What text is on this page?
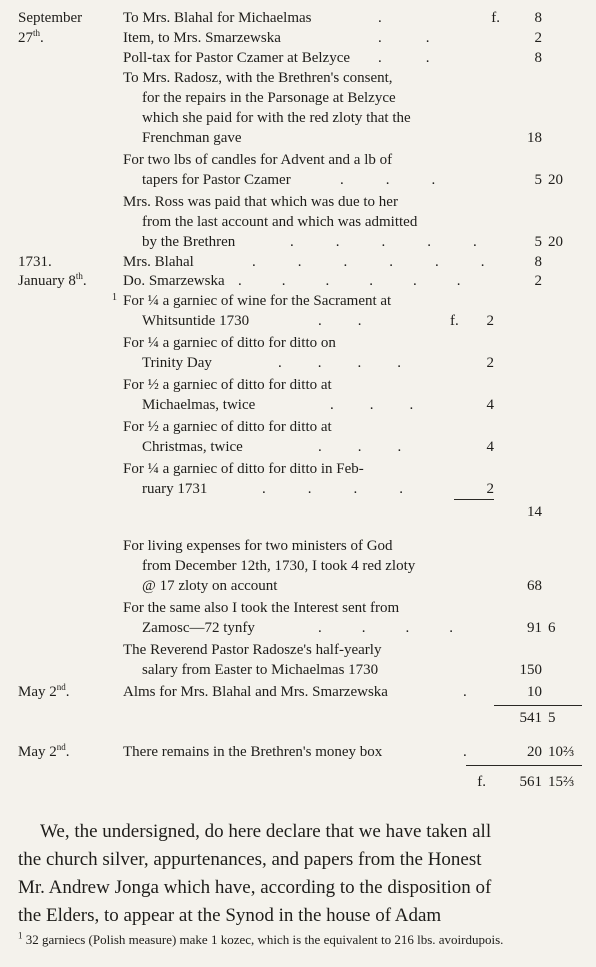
September	To Mrs. Blahal for Michaelmas	.	f.	8
27th.	Item, to Mrs. Smarzewska	..	2
Poll-tax for Pastor Czamer at Belzyce ..	8
To Mrs. Radosz, with the Brethren's consent,
for the repairs in the Parsonage at Belzyce
which she paid for with the red zloty that the
Frenchman gave	18
For two lbs of candles for Advent and a lb of
tapers for Pastor Czamer	...	5 20
Mrs. Ross was paid that which was due to her
from the last account and which was admitted
by the Brethren	.....	5 20
1731.	Mrs. Blahal	...... 8
January 8th. Do. Smarzewska ......	2
1 For ¼ a garniec of wine for the Sacrament at
Whitsuntide 1730	..	f.	2
For ¼ a garniec of ditto for ditto on
Trinity Day	....	2
For ½ a garniec of ditto for ditto at
Michaelmas, twice	...	4
For ½ a garniec of ditto for ditto at
Christmas, twice	...	4
For ¼ a garniec of ditto for ditto in Feb-
ruary 1731	....	2
14
For living expenses for two ministers of God
from December 12th, 1730, I took 4 red zloty
@ 17 zloty on account	68
For the same also I took the Interest sent from
Zamosc—72 tynfy	....	91 6
The Reverend Pastor Radosze's half-yearly
salary from Easter to Michaelmas 1730	150
May 2nd.	Alms for Mrs. Blahal and Mrs. Smarzewska	.	10
541 5
May 2nd.	There remains in the Brethren's money box	.	20 10⅔
f.	561 15⅔
We, the undersigned, do here declare that we have taken all
the church silver, appurtenances, and papers from the Honest
Mr. Andrew Jonga which have, according to the disposition of
the Elders, to appear at the Synod in the house of Adam
$^1$ 32 garniecs (Polish measure) make 1 kozec, which is the equivalent to 216 lbs. avoirdupois.
